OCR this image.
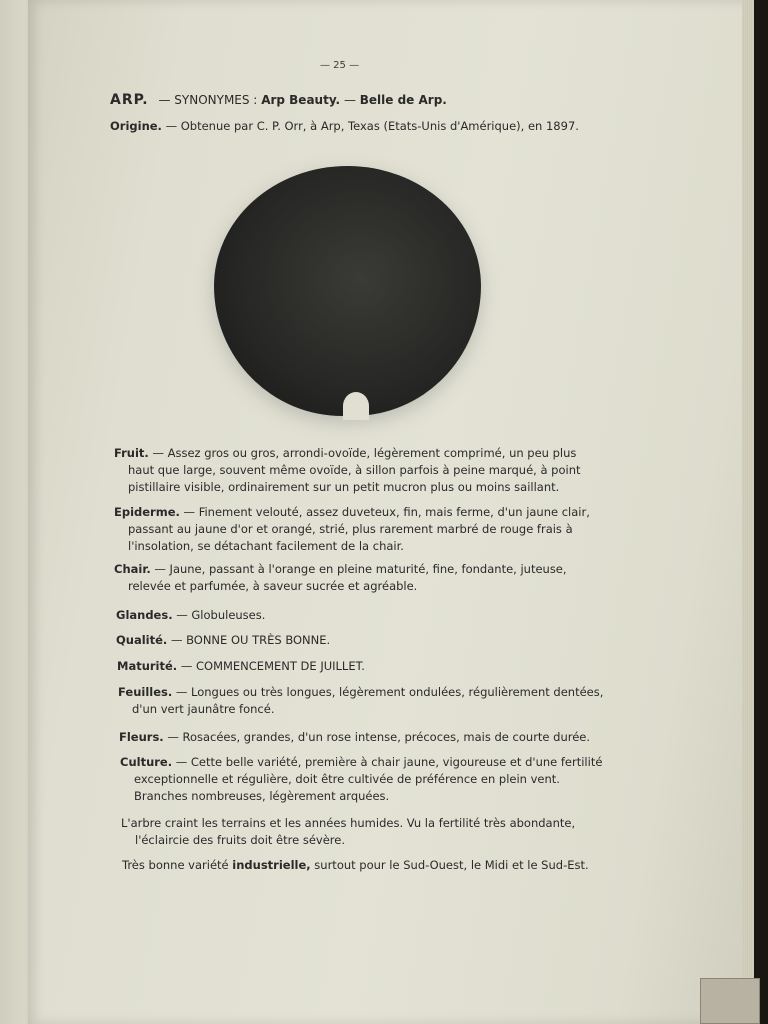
— 25 —
ARP. — SYNONYMES : Arp Beauty. — Belle de Arp.
Origine. — Obtenue par C. P. Orr, à Arp, Texas (Etats-Unis d'Amérique), en 1897.
Fruit. — Assez gros ou gros, arrondi-ovoïde, légèrement comprimé, un peu plus
haut que large, souvent même ovoïde, à sillon parfois à peine marqué, à point
pistillaire visible, ordinairement sur un petit mucron plus ou moins saillant.
Epiderme. — Finement velouté, assez duveteux, fin, mais ferme, d'un jaune clair,
passant au jaune d'or et orangé, strié, plus rarement marbré de rouge frais à
l'insolation, se détachant facilement de la chair.
Chair. — Jaune, passant à l'orange en pleine maturité, fine, fondante, juteuse,
relevée et parfumée, à saveur sucrée et agréable.
Glandes. — Globuleuses.
Qualité. — BONNE OU TRÈS BONNE.
Maturité. — COMMENCEMENT DE JUILLET.
Feuilles. — Longues ou très longues, légèrement ondulées, régulièrement dentées,
d'un vert jaunâtre foncé.
Fleurs. — Rosacées, grandes, d'un rose intense, précoces, mais de courte durée.
Culture. — Cette belle variété, première à chair jaune, vigoureuse et d'une fertilité
exceptionnelle et régulière, doit être cultivée de préférence en plein vent.
Branches nombreuses, légèrement arquées.
L'arbre craint les terrains et les années humides. Vu la fertilité très abondante,
l'éclaircie des fruits doit être sévère.
Très bonne variété industrielle, surtout pour le Sud-Ouest, le Midi et le Sud-Est.
